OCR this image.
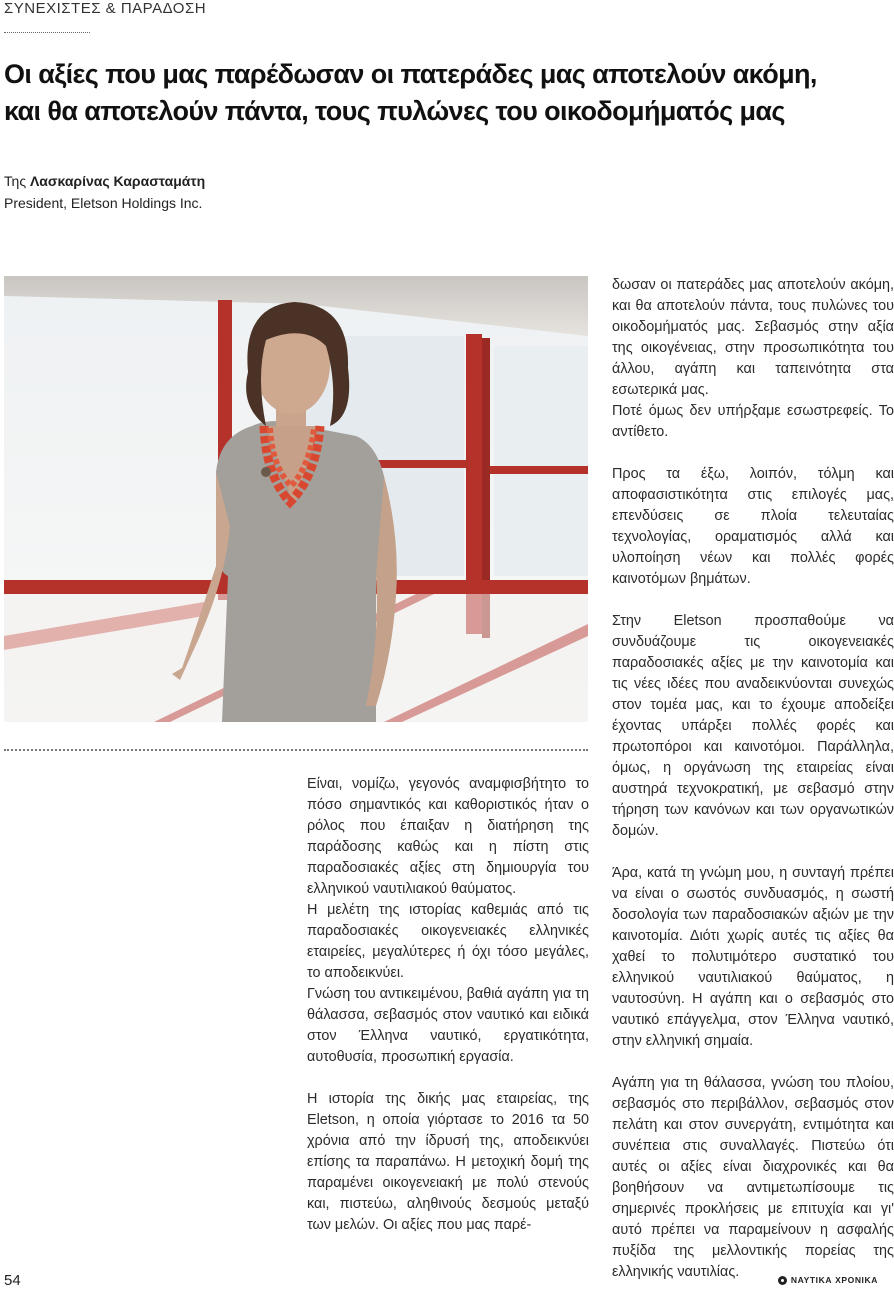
ΣΥΝΕΧΙΣΤΕΣ & ΠΑΡΑΔΟΣΗ

Οι αξίες που μας παρέδωσαν οι πατεράδες μας αποτελούν ακόμη,
και θα αποτελούν πάντα, τους πυλώνες του οικοδομήματός μας
Της Λασκαρίνας Καρασταμάτη
President, Eletson Holdings Inc.

Είναι, νομίζω, γεγονός αναμφισβήτητο το πόσο σημαντικός και καθοριστικός ήταν ο ρόλος που έπαιξαν η διατήρηση της παράδοσης καθώς και η πίστη στις παραδοσιακές αξίες στη δημιουργία του ελληνικού ναυτιλιακού θαύματος.

Η μελέτη της ιστορίας καθεμιάς από τις παραδοσιακές οικογενειακές ελληνικές εταιρείες, μεγαλύτερες ή όχι τόσο μεγάλες, το αποδεικνύει.

Γνώση του αντικειμένου, βαθιά αγάπη για τη θάλασσα, σεβασμός στον ναυτικό και ειδικά στον Έλληνα ναυτικό, εργατικότητα, αυτοθυσία, προσωπική εργασία.

Η ιστορία της δικής μας εταιρείας, της Eletson, η οποία γιόρτασε το 2016 τα 50 χρόνια από την ίδρυσή της, αποδεικνύει επίσης τα παραπάνω. Η μετοχική δομή της παραμένει οικογενειακή με πολύ στενούς και, πιστεύω, αληθινούς δεσμούς μεταξύ των μελών. Οι αξίες που μας παρέ-

δωσαν οι πατεράδες μας αποτελούν ακόμη, και θα αποτελούν πάντα, τους πυλώνες του οικοδομήματός μας. Σεβασμός στην αξία της οικογένειας, στην προσωπικότητα του άλλου, αγάπη και ταπεινότητα στα εσωτερικά μας.

Ποτέ όμως δεν υπήρξαμε εσωστρεφείς. Το αντίθετο.

Προς τα έξω, λοιπόν, τόλμη και αποφασιστικότητα στις επιλογές μας, επενδύσεις σε πλοία τελευταίας τεχνολογίας, οραματισμός αλλά και υλοποίηση νέων και πολλές φορές καινοτόμων βημάτων.

Στην Eletson προσπαθούμε να συνδυάζουμε τις οικογενειακές παραδοσιακές αξίες με την καινοτομία και τις νέες ιδέες που αναδεικνύονται συνεχώς στον τομέα μας, και το έχουμε αποδείξει έχοντας υπάρξει πολλές φορές και πρωτοπόροι και καινοτόμοι. Παράλληλα, όμως, η οργάνωση της εταιρείας είναι αυστηρά τεχνοκρατική, με σεβασμό στην τήρηση των κανόνων και των οργανωτικών δομών.

Άρα, κατά τη γνώμη μου, η συνταγή πρέπει να είναι ο σωστός συνδυασμός, η σωστή δοσολογία των παραδοσιακών αξιών με την καινοτομία. Διότι χωρίς αυτές τις αξίες θα χαθεί το πολυτιμότερο συστατικό του ελληνικού ναυτιλιακού θαύματος, η ναυτοσύνη. Η αγάπη και ο σεβασμός στο ναυτικό επάγγελμα, στον Έλληνα ναυτικό, στην ελληνική σημαία.

Αγάπη για τη θάλασσα, γνώση του πλοίου, σεβασμός στο περιβάλλον, σεβασμός στον πελάτη και στον συνεργάτη, εντιμότητα και συνέπεια στις συναλλαγές. Πιστεύω ότι αυτές οι αξίες είναι διαχρονικές και θα βοηθήσουν να αντιμετωπίσουμε τις σημερινές προκλήσεις με επιτυχία και γι' αυτό πρέπει να παραμείνουν η ασφαλής πυξίδα της μελλοντικής πορείας της ελληνικής ναυτιλίας.

54	ΝΑΥΤΙΚΑ ΧΡΟΝΙΚΑ
